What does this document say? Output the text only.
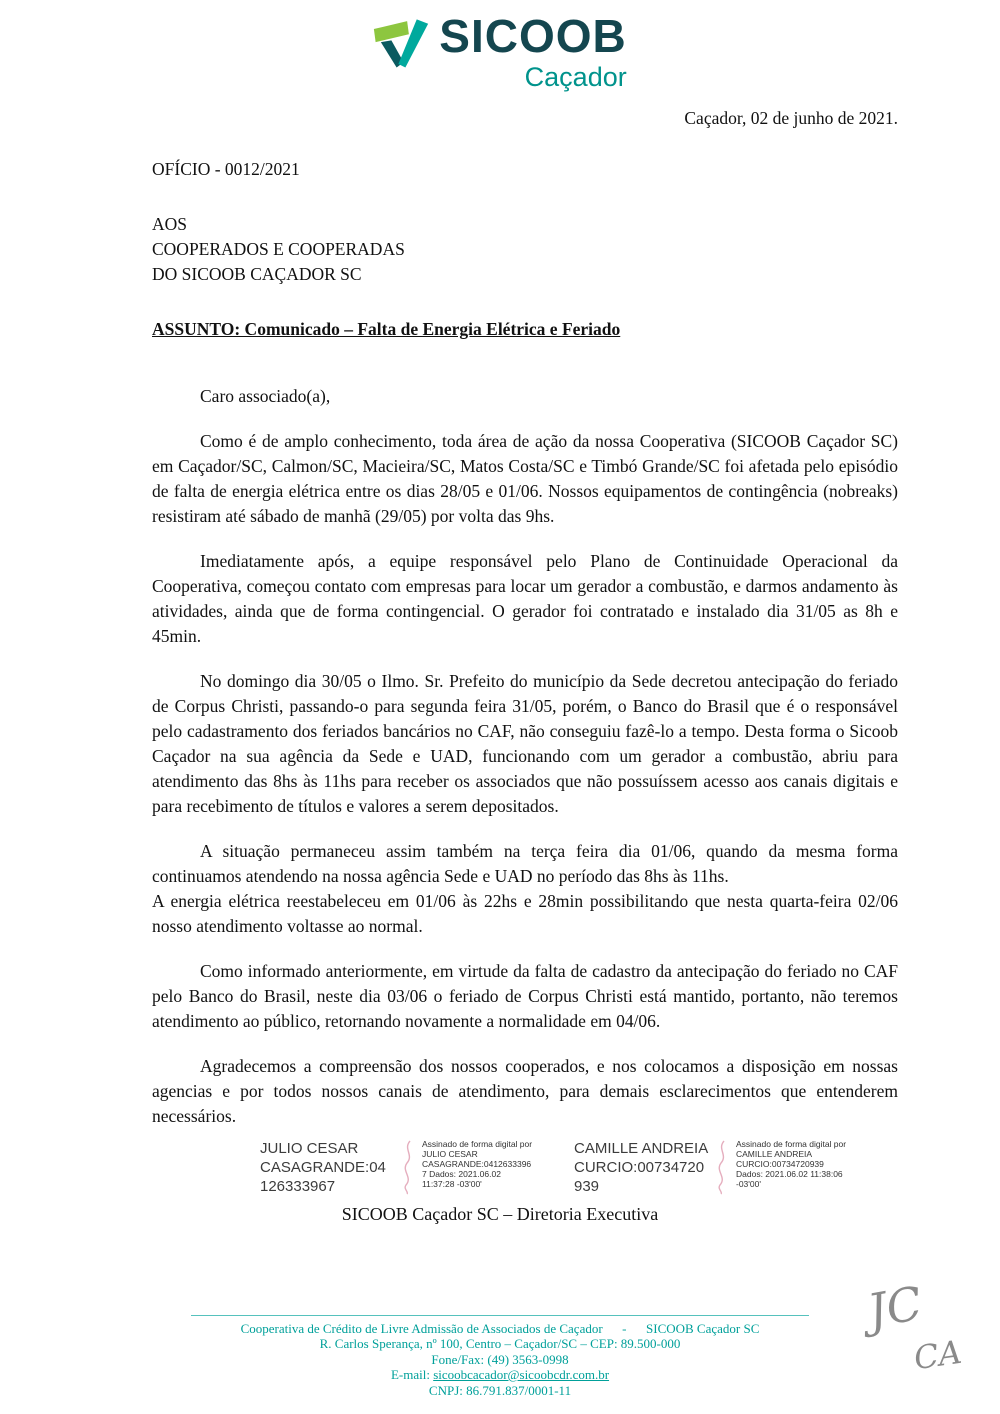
SICOOB
Caçador
Caçador, 02 de junho de 2021.
OFÍCIO - 0012/2021
AOS
COOPERADOS E COOPERADAS
DO SICOOB CAÇADOR SC
ASSUNTO: Comunicado – Falta de Energia Elétrica e Feriado

Caro associado(a),

Como é de amplo conhecimento, toda área de ação da nossa Cooperativa (SICOOB Caçador SC) em Caçador/SC, Calmon/SC, Macieira/SC, Matos Costa/SC e Timbó Grande/SC foi afetada pelo episódio de falta de energia elétrica entre os dias 28/05 e 01/06. Nossos equipamentos de contingência (nobreaks) resistiram até sábado de manhã (29/05) por volta das 9hs.

Imediatamente após, a equipe responsável pelo Plano de Continuidade Operacional da Cooperativa, começou contato com empresas para locar um gerador a combustão, e darmos andamento às atividades, ainda que de forma contingencial. O gerador foi contratado e instalado dia 31/05 as 8h e 45min.

No domingo dia 30/05 o Ilmo. Sr. Prefeito do município da Sede decretou antecipação do feriado de Corpus Christi, passando-o para segunda feira 31/05, porém, o Banco do Brasil que é o responsável pelo cadastramento dos feriados bancários no CAF, não conseguiu fazê-lo a tempo. Desta forma o Sicoob Caçador na sua agência da Sede e UAD, funcionando com um gerador a combustão, abriu para atendimento das 8hs às 11hs para receber os associados que não possuíssem acesso aos canais digitais e para recebimento de títulos e valores a serem depositados.

A situação permaneceu assim também na terça feira dia 01/06, quando da mesma forma continuamos atendendo na nossa agência Sede e UAD no período das 8hs às 11hs.

A energia elétrica reestabeleceu em 01/06 às 22hs e 28min possibilitando que nesta quarta-feira 02/06 nosso atendimento voltasse ao normal.

Como informado anteriormente, em virtude da falta de cadastro da antecipação do feriado no CAF pelo Banco do Brasil, neste dia 03/06 o feriado de Corpus Christi está mantido, portanto, não teremos atendimento ao público, retornando novamente a normalidade em 04/06.

Agradecemos a compreensão dos nossos cooperados, e nos colocamos a disposição em nossas agencias e por todos nossos canais de atendimento, para demais esclarecimentos que entenderem necessários.

JULIO CESAR CASAGRANDE:04126333967
Assinado de forma digital por JULIO CESAR CASAGRANDE:04126333967 Dados: 2021.06.02 11:37:28 -03'00'
CAMILLE ANDREIA CURCIO:00734720939
Assinado de forma digital por CAMILLE ANDREIA CURCIO:00734720939 Dados: 2021.06.02 11:38:06 -03'00'
SICOOB Caçador SC – Diretoria Executiva
JC
CA
Cooperativa de Crédito de Livre Admissão de Associados de Caçador      -      SICOOB Caçador SC
R. Carlos Sperança, nº 100, Centro – Caçador/SC – CEP: 89.500-000
Fone/Fax: (49) 3563-0998
E-mail: sicoobcacador@sicoobcdr.com.br
CNPJ: 86.791.837/0001-11
